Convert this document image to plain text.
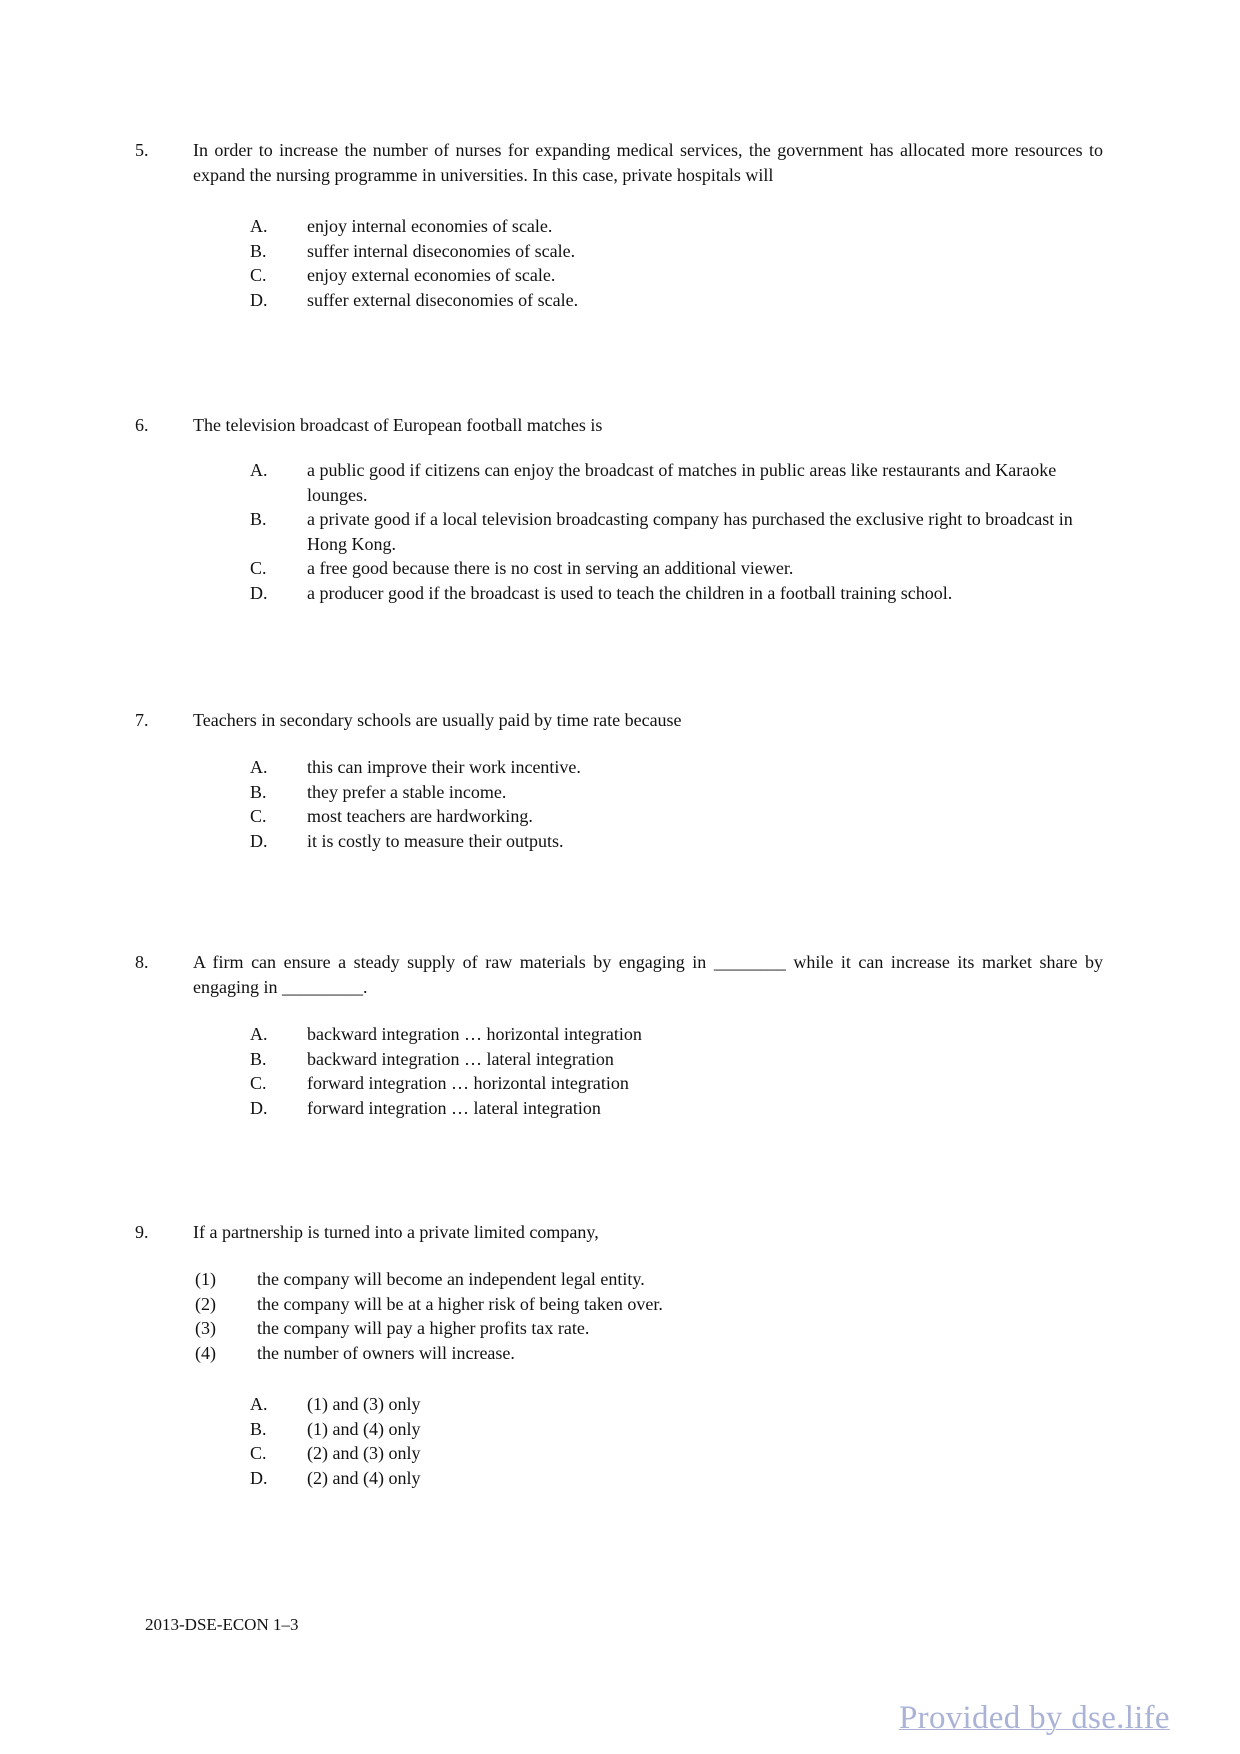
5. In order to increase the number of nurses for expanding medical services, the government has allocated more resources to expand the nursing programme in universities. In this case, private hospitals will
A.	enjoy internal economies of scale.
B.	suffer internal diseconomies of scale.
C.	enjoy external economies of scale.
D.	suffer external diseconomies of scale.
6. The television broadcast of European football matches is
A.	a public good if citizens can enjoy the broadcast of matches in public areas like restaurants and Karaoke lounges.
B.	a private good if a local television broadcasting company has purchased the exclusive right to broadcast in Hong Kong.
C.	a free good because there is no cost in serving an additional viewer.
D.	a producer good if the broadcast is used to teach the children in a football training school.
7. Teachers in secondary schools are usually paid by time rate because
A.	this can improve their work incentive.
B.	they prefer a stable income.
C.	most teachers are hardworking.
D.	it is costly to measure their outputs.
8. A firm can ensure a steady supply of raw materials by engaging in ________ while it can increase its market share by engaging in _________.
A.	backward integration … horizontal integration
B.	backward integration … lateral integration
C.	forward integration … horizontal integration
D.	forward integration … lateral integration
9. If a partnership is turned into a private limited company,
(1)	the company will become an independent legal entity.
(2)	the company will be at a higher risk of being taken over.
(3)	the company will pay a higher profits tax rate.
(4)	the number of owners will increase.
A.	(1) and (3) only
B.	(1) and (4) only
C.	(2) and (3) only
D.	(2) and (4) only
2013-DSE-ECON 1–3
Provided by dse.life
